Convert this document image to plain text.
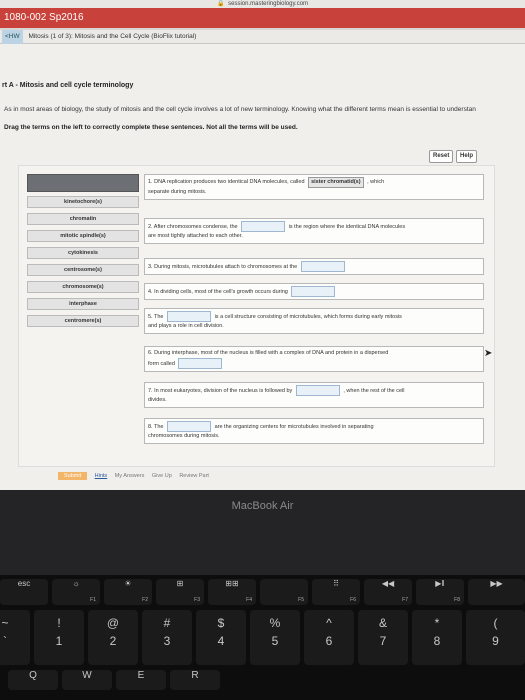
🔒 session.masteringbiology.com
1080-002 Sp2016
<HW Mitosis (1 of 3): Mitosis and the Cell Cycle (BioFlix tutorial)
rt A - Mitosis and cell cycle terminology
As in most areas of biology, the study of mitosis and the cell cycle involves a lot of new terminology. Knowing what the different terms mean is essential to understan
Drag the terms on the left to correctly complete these sentences. Not all the terms will be used.
Reset	Help
kinetochore(s)
chromatin
mitotic spindle(s)
cytokinesis
centrosome(s)
chromosome(s)
interphase
centromere(s)
1. DNA replication produces two identical DNA molecules, called sister chromatid(s) , which
separate during mitosis.
2. After chromosomes condense, the	is the region where the identical DNA molecules
are most tightly attached to each other.
3. During mitosis, microtubules attach to chromosomes at the
4. In dividing cells, most of the cell's growth occurs during
5. The	is a cell structure consisting of microtubules, which forms during early mitosis
and plays a role in cell division.
6. During interphase, most of the nucleus is filled with a complex of DNA and protein in a dispersed
form called
7. In most eukaryotes, division of the nucleus is followed by	, when the rest of the cell
divides.
8. The	are the organizing centers for microtubules involved in separating
chromosomes during mitosis.
Submit Hints My Answers Give Up Review Part
➤
MacBook Air
esc	☼
F1
☀
F2
⊞
F3
⊞⊞
F4	F5
⠿
F6
◀◀
F7
▶‖
F8
▶▶
~
`
!
1
@
2
#
3
$
4
%
5
^
6
&
7
*
8
(
9
Q	W	E	R
